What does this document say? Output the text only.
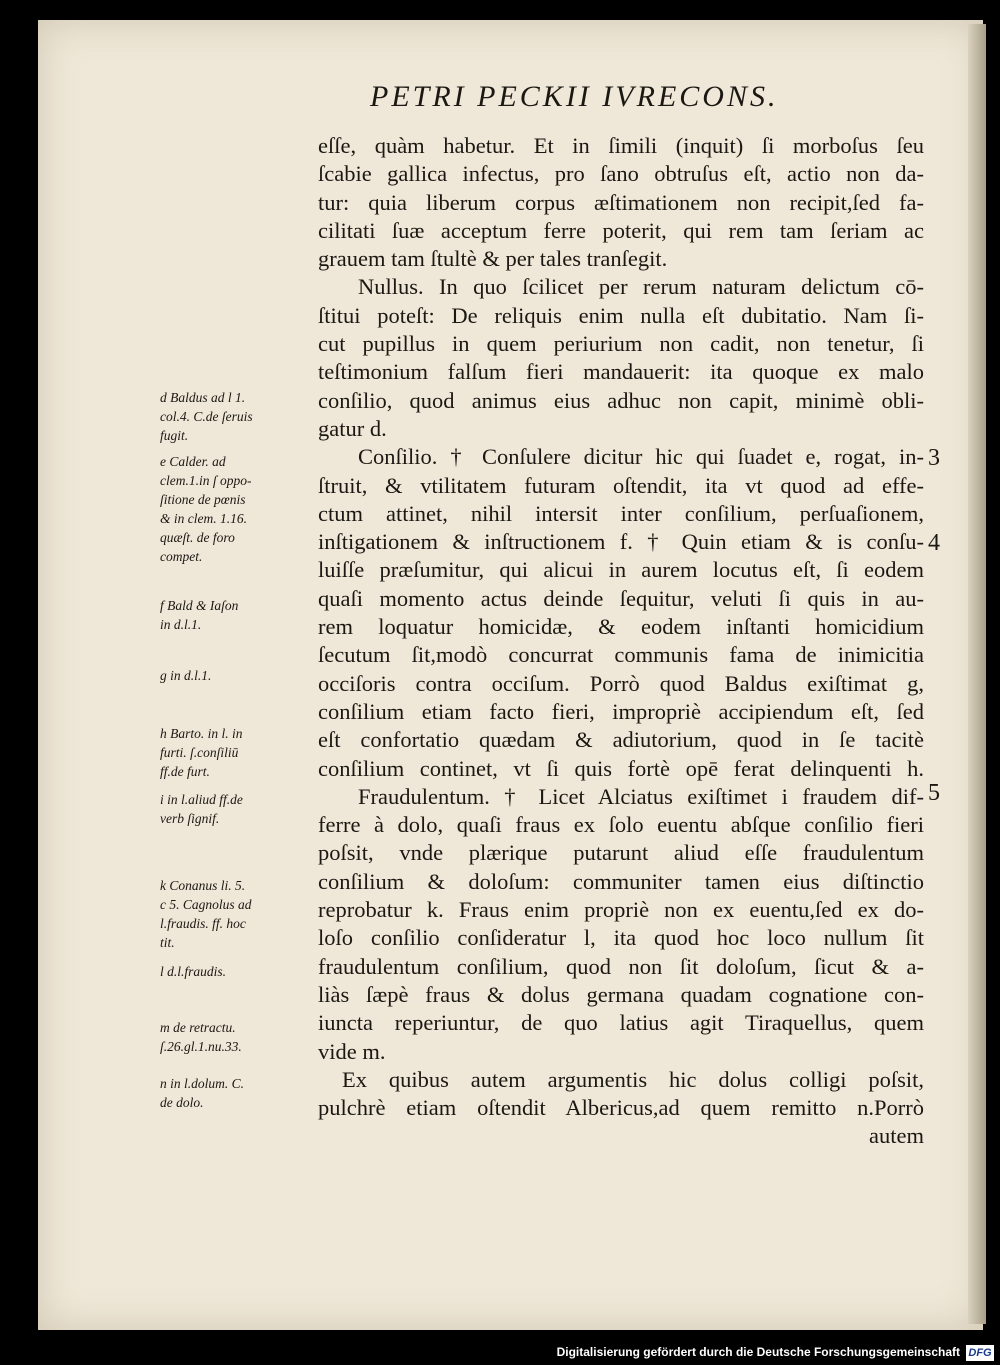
PETRI PECKII IVRECONS.
eſſe, quàm habetur. Et in ſimili (inquit) ſi morboſus ſeu
ſcabie gallica infectus, pro ſano obtruſus eſt, actio non da-
tur: quia liberum corpus æſtimationem non recipit,ſed fa-
cilitati ſuæ acceptum ferre poterit, qui rem tam ſeriam ac
grauem tam ſtultè & per tales tranſegit.
Nullus. In quo ſcilicet per rerum naturam delictum cō-
ſtitui poteſt: De reliquis enim nulla eſt dubitatio. Nam ſi-
cut pupillus in quem periurium non cadit, non tenetur, ſi
teſtimonium falſum fieri mandauerit: ita quoque ex malo
conſilio, quod animus eius adhuc non capit, minimè obli-
gatur d.
Conſilio. † Conſulere dicitur hic qui ſuadet e, rogat, in-
ſtruit, & vtilitatem futuram oſtendit, ita vt quod ad effe-
ctum attinet, nihil intersit inter conſilium, perſuaſionem,
inſtigationem & inſtructionem f. † Quin etiam & is conſu-
luiſſe præſumitur, qui alicui in aurem locutus eſt, ſi eodem
quaſi momento actus deinde ſequitur, veluti ſi quis in au-
rem loquatur homicidæ, & eodem inſtanti homicidium
ſecutum ſit,modò concurrat communis fama de inimicitia
occiſoris contra occiſum. Porrò quod Baldus exiſtimat g,
conſilium etiam facto fieri, impropriè accipiendum eſt, ſed
eſt confortatio quædam & adiutorium, quod in ſe tacitè
conſilium continet, vt ſi quis fortè opē ferat delinquenti h.
Fraudulentum. † Licet Alciatus exiſtimet i fraudem dif-
ferre à dolo, quaſi fraus ex ſolo euentu abſque conſilio fieri
poſsit, vnde plærique putarunt aliud eſſe fraudulentum
conſilium & doloſum: communiter tamen eius diſtinctio
reprobatur k. Fraus enim propriè non ex euentu,ſed ex do-
loſo conſilio conſideratur l, ita quod hoc loco nullum ſit
fraudulentum conſilium, quod non ſit doloſum, ſicut & a-
liàs ſæpè fraus & dolus germana quadam cognatione con-
iuncta reperiuntur, de quo latius agit Tiraquellus, quem
vide m.
Ex quibus autem argumentis hic dolus colligi poſsit,
pulchrè etiam oſtendit Albericus,ad quem remitto n.Porrò
autem
d Baldus ad l 1.
col.4. C.de ſeruis
fugit.
e Calder. ad
clem.1.in ſ oppo-
ſitione de pœnis
& in clem. 1.16.
quæſt. de foro
compet.
f Bald & Iaſon
in d.l.1.
g in d.l.1.
h Barto. in l. in
furti. ſ.conſiliū
ff.de furt.
i in l.aliud ff.de
verb ſignif.
k Conanus li. 5.
c 5. Cagnolus ad
l.fraudis. ff. hoc
tit.
l d.l.fraudis.
m de retractu.
ſ.26.gl.1.nu.33.
n in l.dolum. C.
de dolo.
3
4
5
Digitalisierung gefördert durch die Deutsche Forschungsgemeinschaft DFG
